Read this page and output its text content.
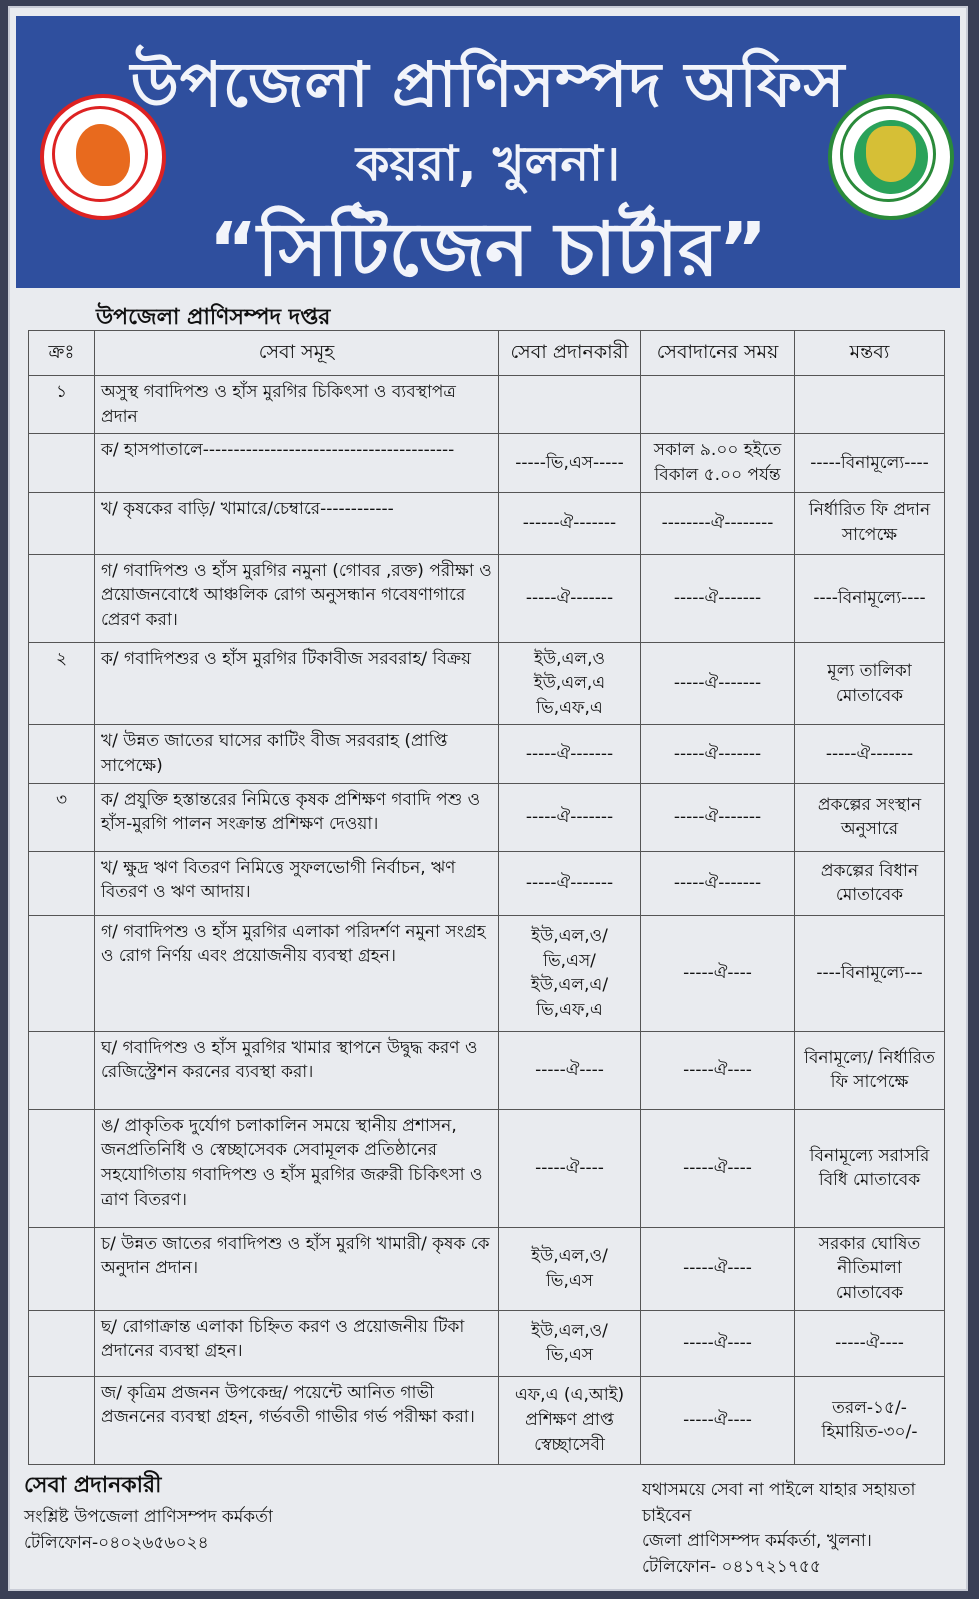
উপজেলা প্রাণিসম্পদ অফিস
কয়রা, খুলনা।
“সিটিজেন চার্টার”
উপজেলা প্রাণিসম্পদ দপ্তর
ক্রঃ	সেবা সমূহ	সেবা প্রদানকারী	সেবাদানের সময়	মন্তব্য
১	অসুস্থ গবাদিপশু ও হাঁস মুরগির চিকিৎসা ও ব্যবস্থাপত্র প্রদান			
	ক/ হাসপাতালে-----------------------------------------	-----ভি,এস-----	সকাল ৯.০০ হইতে বিকাল ৫.০০ পর্যন্ত	-----বিনামূল্যে----
	খ/ কৃষকের বাড়ি/ খামারে/চেম্বারে------------	------ঐ-------	--------ঐ--------	নির্ধারিত ফি প্রদান সাপেক্ষে
	গ/ গবাদিপশু ও হাঁস মুরগির নমুনা (গোবর ,রক্ত) পরীক্ষা ও প্রয়োজনবোধে আঞ্চলিক রোগ অনুসন্ধান গবেষণাগারে প্রেরণ করা।	-----ঐ-------	-----ঐ-------	----বিনামূল্যে----
২	ক/ গবাদিপশুর ও হাঁস মুরগির টিকাবীজ সরবরাহ/ বিক্রয়	ইউ,এল,ও ইউ,এল,এ ভি,এফ,এ	-----ঐ-------	মূল্য তালিকা মোতাবেক
	খ/ উন্নত জাতের ঘাসের কাটিং বীজ সরবরাহ (প্রাপ্তি সাপেক্ষে)	-----ঐ-------	-----ঐ-------	-----ঐ-------
৩	ক/ প্রযুক্তি হস্তান্তরের নিমিত্তে কৃষক প্রশিক্ষণ গবাদি পশু ও হাঁস-মুরগি পালন সংক্রান্ত প্রশিক্ষণ দেওয়া।	-----ঐ-------	-----ঐ-------	প্রকল্পের সংস্থান অনুসারে
	খ/ ক্ষুদ্র ঋণ বিতরণ নিমিত্তে সুফলভোগী নির্বাচন, ঋণ বিতরণ ও ঋণ আদায়।	-----ঐ-------	-----ঐ-------	প্রকল্পের বিধান মোতাবেক
	গ/ গবাদিপশু ও হাঁস মুরগির এলাকা পরিদর্শণ নমুনা সংগ্রহ ও রোগ নির্ণয় এবং প্রয়োজনীয় ব্যবস্থা গ্রহন।	ইউ,এল,ও/ ভি,এস/ ইউ,এল,এ/ ভি,এফ,এ	-----ঐ----	----বিনামূল্যে---
	ঘ/ গবাদিপশু ও হাঁস মুরগির খামার স্থাপনে উদ্বুদ্ধ করণ ও রেজিস্ট্রেশন করনের ব্যবস্থা করা।	-----ঐ----	-----ঐ----	বিনামূল্যে/ নির্ধারিত ফি সাপেক্ষে
	ঙ/ প্রাকৃতিক দুর্যোগ চলাকালিন সময়ে স্থানীয় প্রশাসন, জনপ্রতিনিধি ও স্বেচ্ছাসেবক সেবামূলক প্রতিষ্ঠানের সহযোগিতায় গবাদিপশু ও হাঁস মুরগির জরুরী চিকিৎসা ও ত্রাণ বিতরণ।	-----ঐ----	-----ঐ----	বিনামূল্যে সরাসরি বিধি মোতাবেক
	চ/ উন্নত জাতের গবাদিপশু ও হাঁস মুরগি খামারী/ কৃষক কে অনুদান প্রদান।	ইউ,এল,ও/ ভি,এস	-----ঐ----	সরকার ঘোষিত নীতিমালা মোতাবেক
	ছ/ রোগাক্রান্ত এলাকা চিহ্নিত করণ ও প্রয়োজনীয় টিকা প্রদানের ব্যবস্থা গ্রহন।	ইউ,এল,ও/ ভি,এস	-----ঐ----	-----ঐ----
	জ/ কৃত্রিম প্রজনন উপকেন্দ্র/ পয়েন্টে আনিত গাভী প্রজননের ব্যবস্থা গ্রহন, গর্ভবতী গাভীর গর্ভ পরীক্ষা করা।	এফ,এ (এ,আই) প্রশিক্ষণ প্রাপ্ত স্বেচ্ছাসেবী	-----ঐ----	তরল-১৫/- হিমায়িত-৩০/-
সেবা প্রদানকারী
সংশ্লিষ্ট উপজেলা প্রাণিসম্পদ কর্মকর্তা
টেলিফোন-০৪০২৬৫৬০২৪
যথাসময়ে সেবা না পাইলে যাহার সহায়তা চাইবেন
জেলা প্রাণিসম্পদ কর্মকর্তা, খুলনা।
টেলিফোন- ০৪১৭২১৭৫৫
